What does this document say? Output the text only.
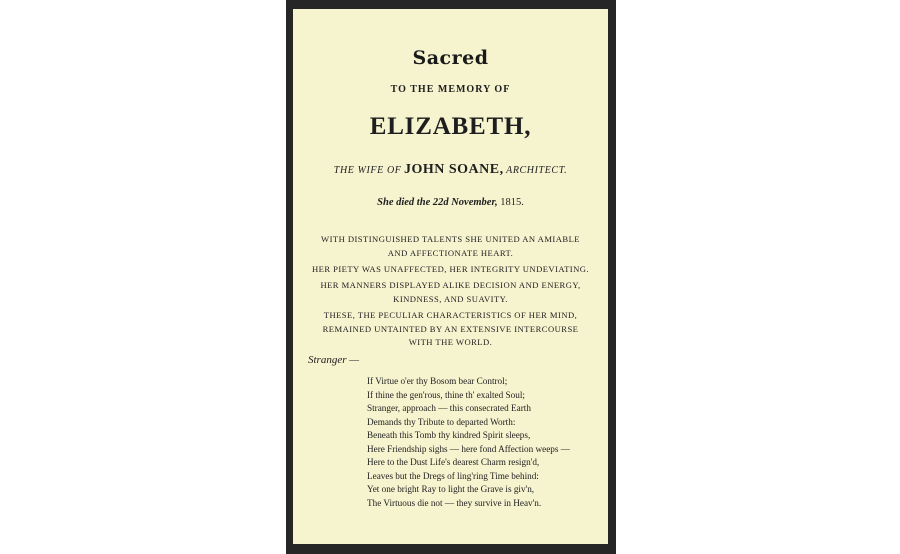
Sacred
TO THE MEMORY OF
ELIZABETH,
THE WIFE OF JOHN SOANE, ARCHITECT.
She died the 22d November, 1815.
WITH DISTINGUISHED TALENTS SHE UNITED AN AMIABLE
AND AFFECTIONATE HEART.
HER PIETY WAS UNAFFECTED, HER INTEGRITY UNDEVIATING.
HER MANNERS DISPLAYED ALIKE DECISION AND ENERGY,
KINDNESS, AND SUAVITY.
THESE, THE PECULIAR CHARACTERISTICS OF HER MIND,
REMAINED UNTAINTED BY AN EXTENSIVE INTERCOURSE
WITH THE WORLD.
Stranger —
If Virtue o'er thy Bosom bear Control;
If thine the gen'rous, thine th' exalted Soul;
Stranger, approach — this consecrated Earth
Demands thy Tribute to departed Worth:
Beneath this Tomb thy kindred Spirit sleeps,
Here Friendship sighs — here fond Affection weeps —
Here to the Dust Life's dearest Charm resign'd,
Leaves but the Dregs of ling'ring Time behind:
Yet one bright Ray to light the Grave is giv'n,
The Virtuous die not — they survive in Heav'n.
